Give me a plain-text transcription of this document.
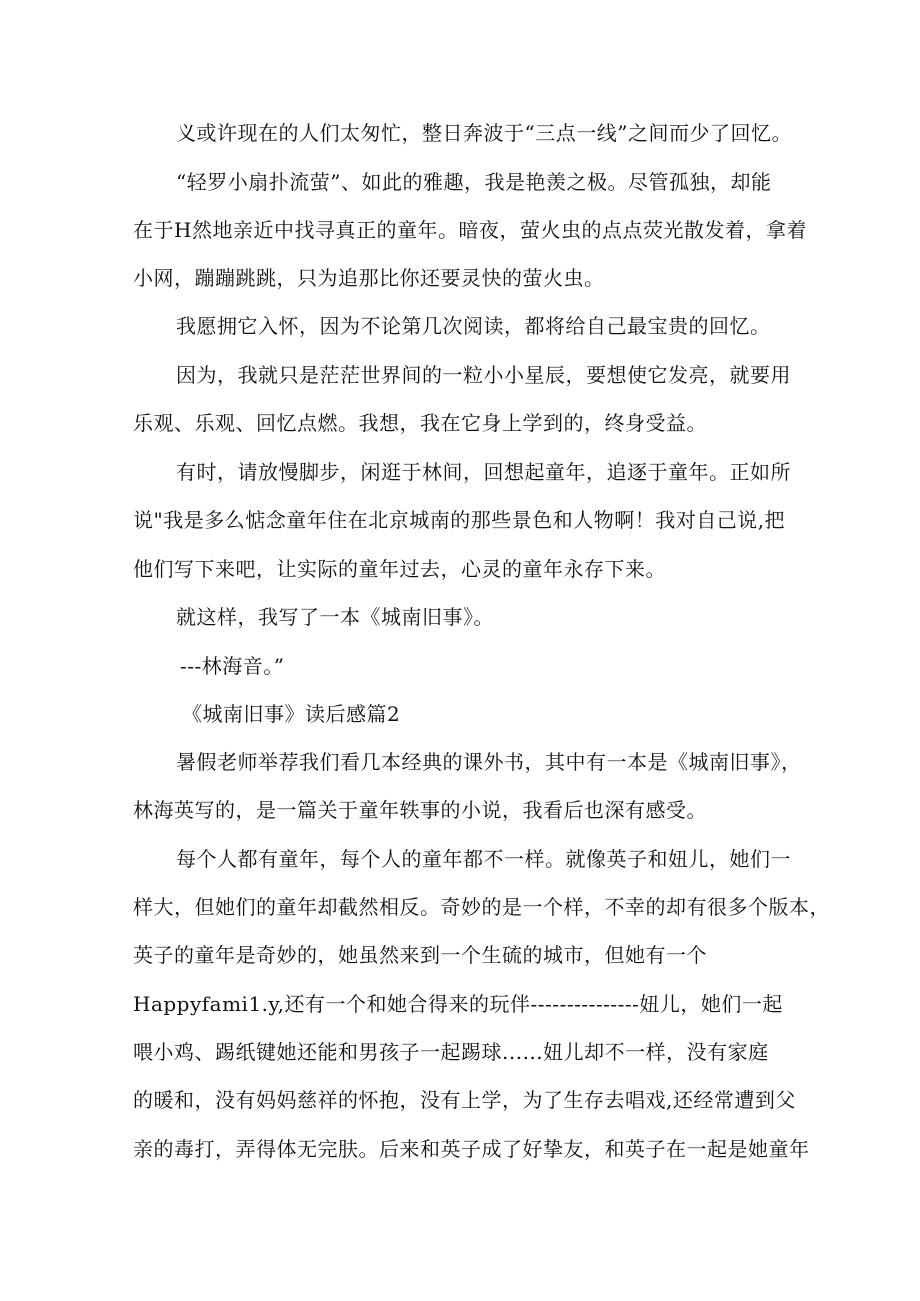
义或许现在的人们太匆忙，整日奔波于“三点一线”之间而少了回忆。
“轻罗小扇扑流萤”、如此的雅趣，我是艳羡之极。尽管孤独，却能
在于H然地亲近中找寻真正的童年。暗夜，萤火虫的点点荧光散发着，拿着
小网，蹦蹦跳跳，只为追那比你还要灵快的萤火虫。
我愿拥它入怀，因为不论第几次阅读，都将给自己最宝贵的回忆。
因为，我就只是茫茫世界间的一粒小小星辰，要想使它发亮，就要用
乐观、乐观、回忆点燃。我想，我在它身上学到的，终身受益。
有时，请放慢脚步，闲逛于林间，回想起童年，追逐于童年。正如所
说"我是多么惦念童年住在北京城南的那些景色和人物啊！我对自己说,把
他们写下来吧，让实际的童年过去，心灵的童年永存下来。
就这样，我写了一本《城南旧事》。
---林海音。”
《城南旧事》读后感篇2
暑假老师举荐我们看几本经典的课外书，其中有一本是《城南旧事》，
林海英写的，是一篇关于童年轶事的小说，我看后也深有感受。
每个人都有童年，每个人的童年都不一样。就像英子和妞儿，她们一
样大，但她们的童年却截然相反。奇妙的是一个样，不幸的却有很多个版本，
英子的童年是奇妙的，她虽然来到一个生硫的城市，但她有一个
Happyfami1.y,还有一个和她合得来的玩伴---------------妞儿，她们一起
喂小鸡、踢纸键她还能和男孩子一起踢球......妞儿却不一样，没有家庭
的暖和，没有妈妈慈祥的怀抱，没有上学，为了生存去唱戏,还经常遭到父
亲的毒打，弄得体无完肤。后来和英子成了好挚友，和英子在一起是她童年
